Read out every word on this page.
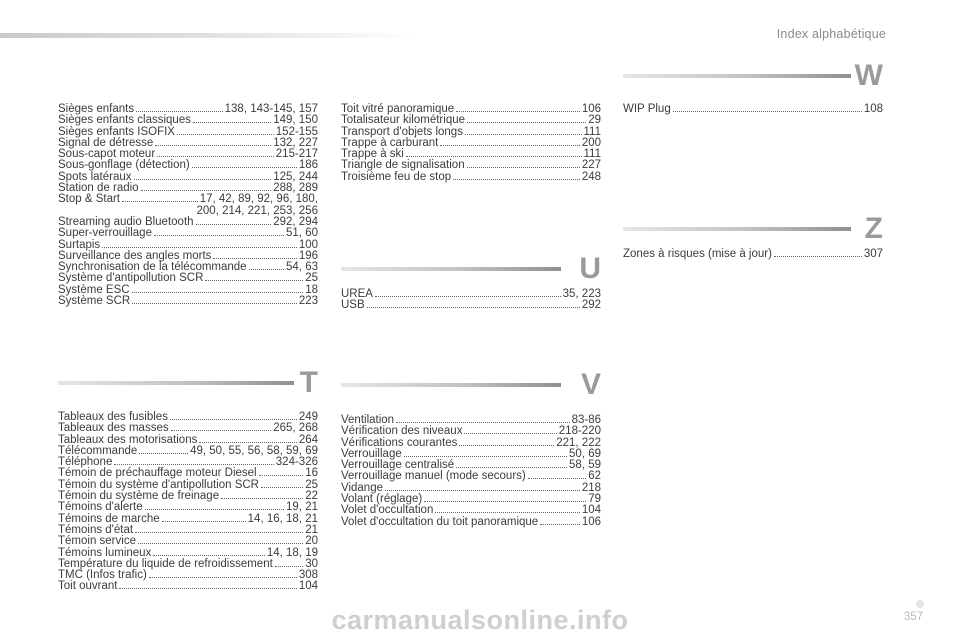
Index alphabétique
Sièges enfants	138, 143-145, 157
Sièges enfants classiques	149, 150
Sièges enfants ISOFIX	152-155
Signal de détresse	132, 227
Sous-capot moteur	215-217
Sous-gonflage (détection)	186
Spots latéraux	125, 244
Station de radio	288, 289
Stop & Start	17, 42, 89, 92, 96, 180,
200, 214, 221, 253, 256
Streaming audio Bluetooth	292, 294
Super-verrouillage	51, 60
Surtapis	100
Surveillance des angles morts	196
Synchronisation de la télécommande	54, 63
Système d'antipollution SCR	25
Système ESC	18
Système SCR	223
T
Tableaux des fusibles	249
Tableaux des masses	265, 268
Tableaux des motorisations	264
Télécommande	49, 50, 55, 56, 58, 59, 69
Téléphone	324-326
Témoin de préchauffage moteur Diesel	16
Témoin du système d'antipollution SCR	25
Témoin du système de freinage	22
Témoins d'alerte	19, 21
Témoins de marche	14, 16, 18, 21
Témoins d'état	21
Témoin service	20
Témoins lumineux	14, 18, 19
Température du liquide de refroidissement	30
TMC (Infos trafic)	308
Toit ouvrant	104
Toit vitré panoramique	106
Totalisateur kilométrique	29
Transport d'objets longs	111
Trappe à carburant	200
Trappe à ski	111
Triangle de signalisation	227
Troisième feu de stop	248
U
UREA	35, 223
USB	292
V
Ventilation	83-86
Vérification des niveaux	218-220
Vérifications courantes	221, 222
Verrouillage	50, 69
Verrouillage centralisé	58, 59
Verrouillage manuel (mode secours)	62
Vidange	218
Volant (réglage)	79
Volet d'occultation	104
Volet d'occultation du toit panoramique	106
W
WIP Plug	108
Z
Zones à risques (mise à jour)	307
357
carmanualsonline.info
